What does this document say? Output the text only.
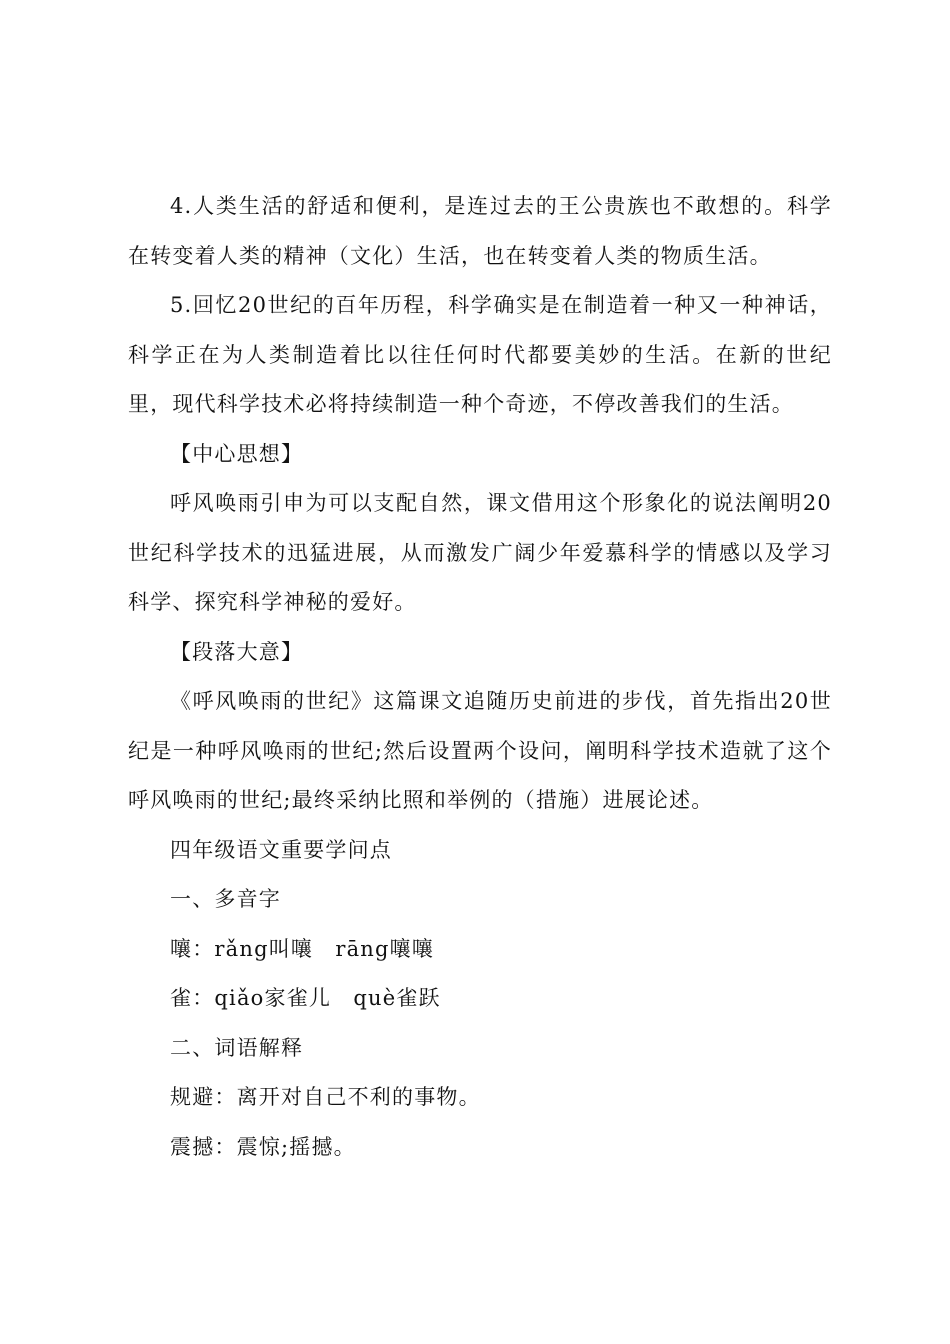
4.人类生活的舒适和便利，是连过去的王公贵族也不敢想的。科学在转变着人类的精神（文化）生活，也在转变着人类的物质生活。

5.回忆20世纪的百年历程，科学确实是在制造着一种又一种神话，科学正在为人类制造着比以往任何时代都要美妙的生活。在新的世纪里，现代科学技术必将持续制造一种个奇迹，不停改善我们的生活。

【中心思想】

呼风唤雨引申为可以支配自然，课文借用这个形象化的说法阐明20世纪科学技术的迅猛进展，从而激发广阔少年爱慕科学的情感以及学习科学、探究科学神秘的爱好。

【段落大意】

《呼风唤雨的世纪》这篇课文追随历史前进的步伐，首先指出20世纪是一种呼风唤雨的世纪;然后设置两个设问，阐明科学技术造就了这个呼风唤雨的世纪;最终采纳比照和举例的（措施）进展论述。

四年级语文重要学问点

一、多音字

嚷：rǎng叫嚷　rāng嚷嚷

雀：qiǎo家雀儿　què雀跃

二、词语解释

规避：离开对自己不利的事物。

震撼：震惊;摇撼。
